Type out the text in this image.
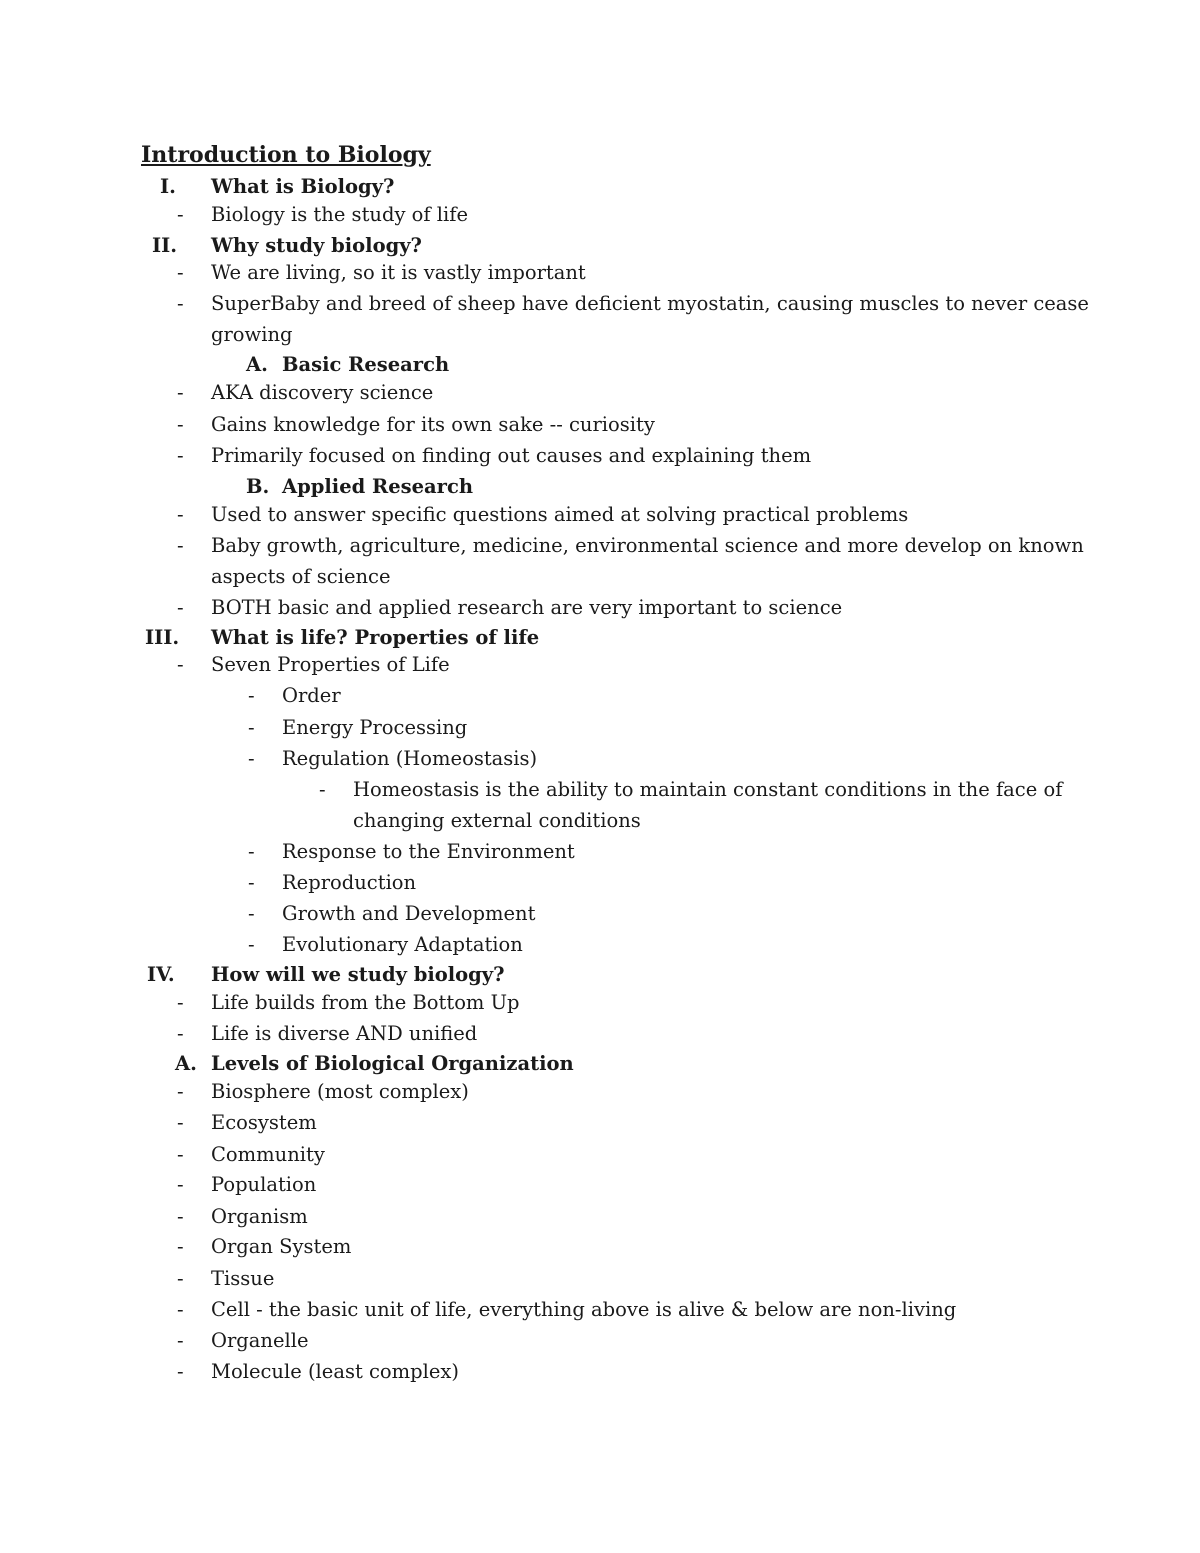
Introduction to Biology
I. What is Biology?
- Biology is the study of life
II. Why study biology?
- We are living, so it is vastly important
- SuperBaby and breed of sheep have deficient myostatin, causing muscles to never cease
growing
A. Basic Research
- AKA discovery science
- Gains knowledge for its own sake -- curiosity
- Primarily focused on finding out causes and explaining them
B. Applied Research
- Used to answer specific questions aimed at solving practical problems
- Baby growth, agriculture, medicine, environmental science and more develop on known
aspects of science
- BOTH basic and applied research are very important to science
III. What is life? Properties of life
- Seven Properties of Life
- Order
- Energy Processing
- Regulation (Homeostasis)
- Homeostasis is the ability to maintain constant conditions in the face of
changing external conditions
- Response to the Environment
- Reproduction
- Growth and Development
- Evolutionary Adaptation
IV. How will we study biology?
- Life builds from the Bottom Up
- Life is diverse AND unified
A. Levels of Biological Organization
- Biosphere (most complex)
- Ecosystem
- Community
- Population
- Organism
- Organ System
- Tissue
- Cell - the basic unit of life, everything above is alive & below are non-living
- Organelle
- Molecule (least complex)
